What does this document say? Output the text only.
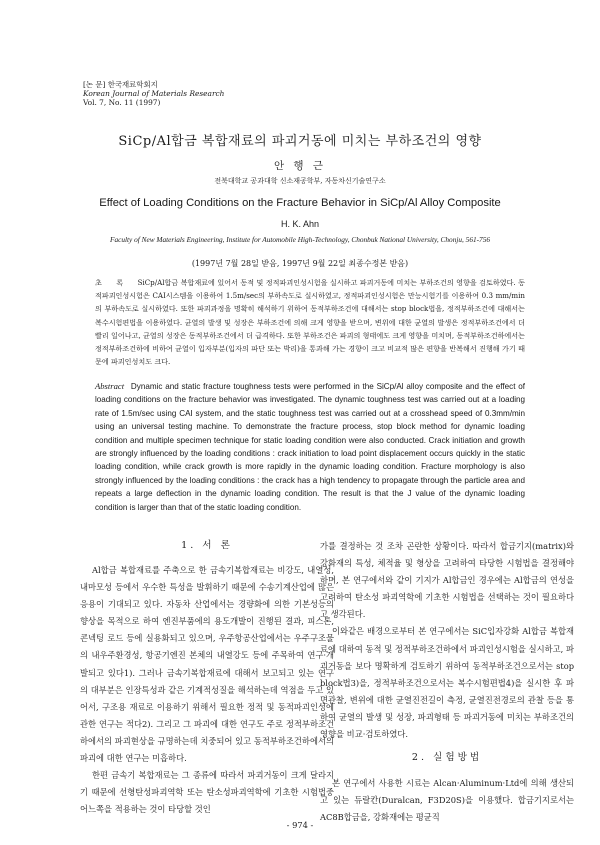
[논 문] 한국재료학회지
Korean Journal of Materials Research
Vol. 7, No. 11 (1997)
SiCp/Al합금 복합재료의 파괴거동에 미치는 부하조건의 영향
안 행 근
전북대학교 공과대학 신소재공학부, 자동차신기술연구소
Effect of Loading Conditions on the Fracture Behavior in SiCp/Al Alloy Composite
H. K. Ahn
Faculty of New Materials Engineering, Institute for Automobile High-Technology, Chonbuk National University, Chonju, 561-756
(1997년 7월 28일 받음, 1997년 9월 22일 최종수정본 받음)
초 록 SiCp/Al합금 복합재료에 있어서 동적 및 정적파괴인성시험을 실시하고 파괴거동에 미치는 부하조건의 영향을 검토하였다. 동적파괴인성시험은 CAI시스템을 이용하여 1.5m/sec의 부하속도로 실시하였고, 정적파괴인성시험은 만능시험기를 이용하여 0.3 mm/min의 부하속도로 실시하였다. 또한 파괴과정을 명확히 해석하기 위하여 동적부하조건에 대해서는 stop block법을, 정적부하조건에 대해서는 복수시험편법을 이용하였다. 균열의 발생 및 성장은 부하조건에 의해 크게 영향을 받으며, 변위에 대한 균열의 발생은 정적부하조건에서 더 빨리 일어나고, 균열의 성장은 동적부하조건에서 더 급격하다. 또한 부하조건은 파괴의 형태에도 크게 영향을 미치며, 동적부하조건하에서는 정적부하조건하에 비하여 균열이 입자부분(입자의 파단 또는 박리)을 통과해 가는 경향이 크고 비교적 많은 편향을 반복해서 진행해 가기 때문에 파괴인성치도 크다.
Abstract Dynamic and static fracture toughness tests were performed in the SiCp/Al alloy composite and the effect of loading conditions on the fracture behavior was investigated. The dynamic toughness test was carried out at a loading rate of 1.5m/sec using CAI system, and the static toughness test was carried out at a crosshead speed of 0.3mm/min using an universal testing machine. To demonstrate the fracture process, stop block method for dynamic loading condition and multiple specimen technique for static loading condition were also conducted. Crack initiation and growth are strongly influenced by the loading conditions : crack initiation to load point displacement occurs quickly in the static loading condition, while crack growth is more rapidly in the dynamic loading condition. Fracture morphology is also strongly influenced by the loading conditions : the crack has a high tendency to propagate through the particle area and repeats a large deflection in the dynamic loading condition. The result is that the J value of the dynamic loading condition is larger than that of the static loading condition.
1. 서 론

Al합금 복합재료를 주축으로 한 금속기복합재료는 비강도, 내열성, 내마모성 등에서 우수한 특성을 발휘하기 때문에 수송기계산업에 많은 응용이 기대되고 있다. 자동차 산업에서는 경량화에 의한 기본성능의 향상을 목적으로 하여 엔진부품에의 용도개발이 진행된 결과, 피스톤, 콘넥팅 로드 등에 실용화되고 있으며, 우주항공산업에서는 우주구조물의 내우주환경성, 항공기엔진 본체의 내열강도 등에 주목하여 연구·개발되고 있다1). 그러나 금속기복합재료에 대해서 보고되고 있는 연구의 대부분은 인장특성과 같은 기계적성질을 해석하는데 역점을 두고 있어서, 구조용 재료로 이용하기 위해서 필요한 정적 및 동적파괴인성에 관한 연구는 적다2). 그리고 그 파괴에 대한 연구도 주로 정적부하조건하에서의 파괴현상을 규명하는데 치중되어 있고 동적부하조건하에서의 파괴에 대한 연구는 미흡하다.

한편 금속기 복합재료는 그 종류에 따라서 파괴거동이 크게 달라지기 때문에 선형탄성파괴역학 또는 탄소성파괴역학에 기초한 시험법중 어느쪽을 적용하는 것이 타당할 것인

가를 결정하는 것 조차 곤란한 상황이다. 따라서 합금기지(matrix)와 강화재의 특성, 체적율 및 형상을 고려하여 타당한 시험법을 결정해야 하며, 본 연구에서와 같이 기지가 Al합금인 경우에는 Al합금의 연성을 고려하여 탄소성 파괴역학에 기초한 시험법을 선택하는 것이 필요하다고 생각된다.

이와같은 배경으로부터 본 연구에서는 SiC입자강화 Al합금 복합재료에 대하여 동적 및 정적부하조건하에서 파괴인성시험을 실시하고, 파괴거동을 보다 명확하게 검토하기 위하여 동적부하조건으로서는 stop block법3)을, 정적부하조건으로서는 복수시험편법4)을 실시한 후 파면관찰, 변위에 대한 균열진전길이 측정, 균열진전경로의 관찰 등을 통하여 균열의 발생 및 성장, 파괴형태 등 파괴거동에 미치는 부하조건의 영향을 비교·검토하였다.

2. 실험방법

본 연구에서 사용한 시료는 Alcan·Aluminum·Ltd에 의해 생산되고 있는 듀랄칸(Duralcan, F3D20S)을 이용했다. 합금기지로서는 AC8B합금을, 강화재에는 평균직

- 974 -
